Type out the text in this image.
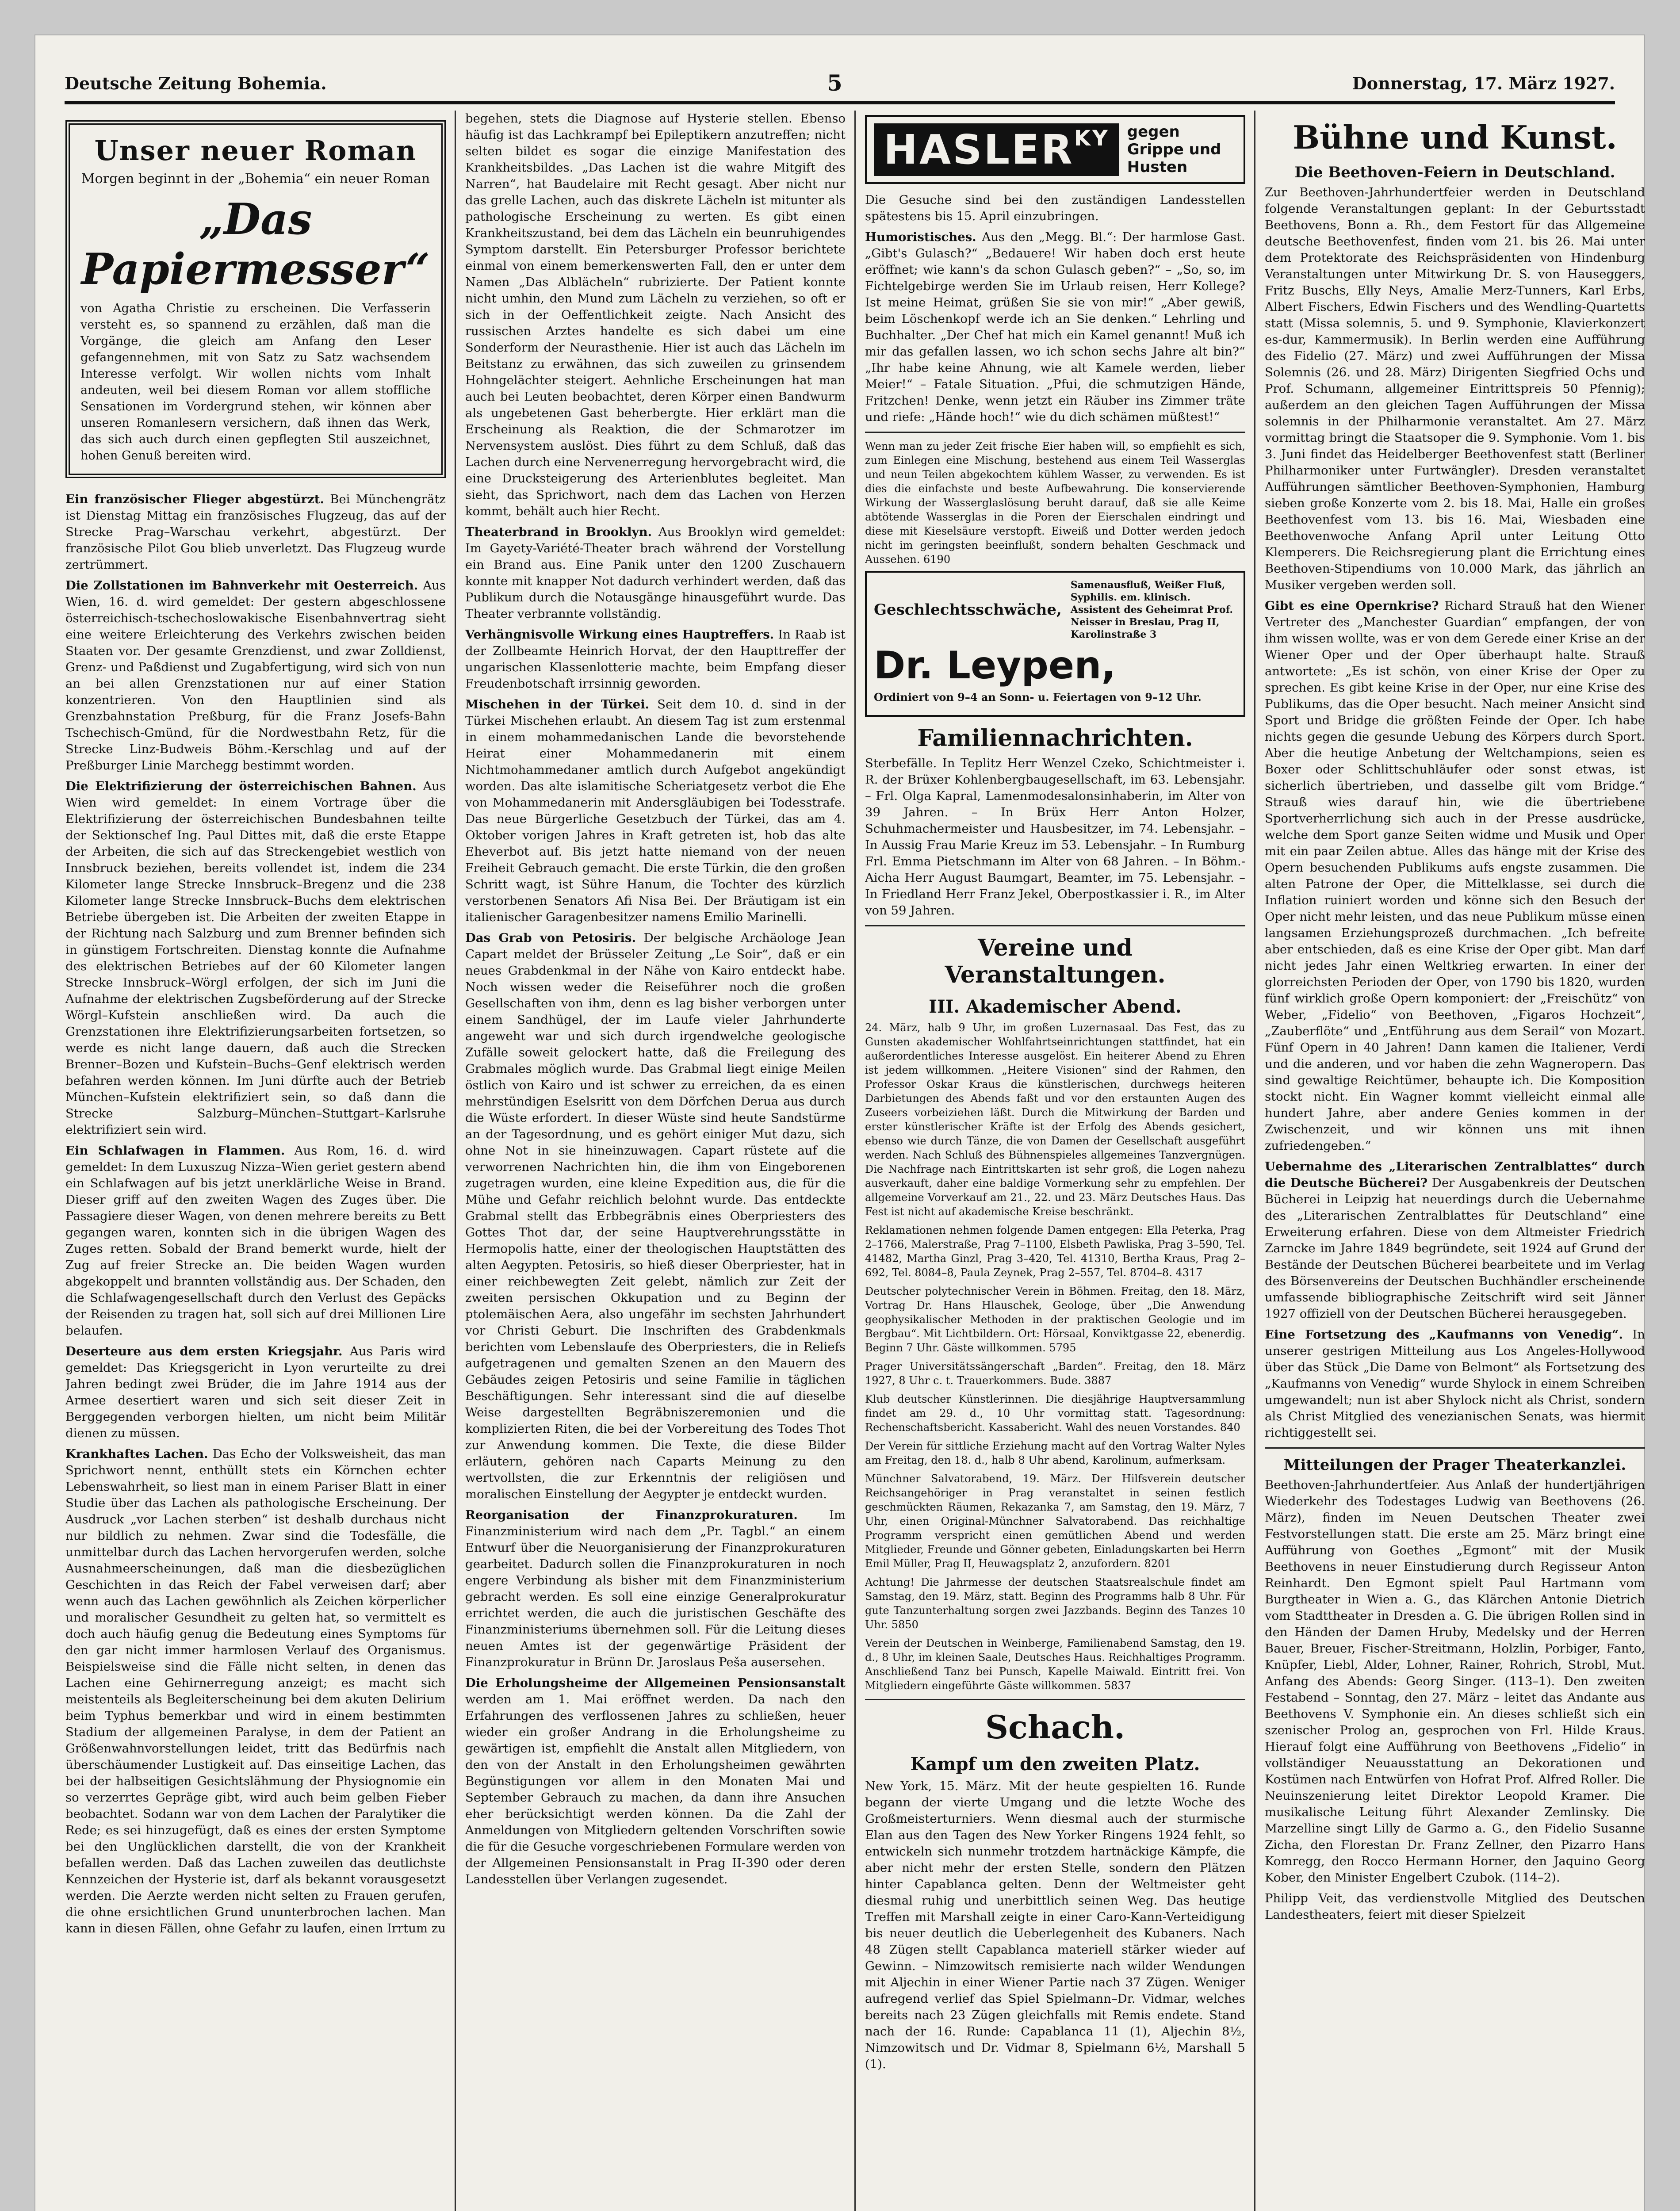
Deutsche Zeitung Bohemia.	5	Donnerstag, 17. März 1927.
Unser neuer Roman
Morgen beginnt in der „Bohemia“ ein neuer Roman
„Das Papiermesser“
von Agatha Christie zu erscheinen. Die Verfasserin versteht es, so spannend zu erzählen, daß man die Vorgänge, die gleich am Anfang den Leser gefangennehmen, mit von Satz zu Satz wachsendem Interesse verfolgt. Wir wollen nichts vom Inhalt andeuten, weil bei diesem Roman vor allem stoffliche Sensationen im Vordergrund stehen, wir können aber unseren Romanlesern versichern, daß ihnen das Werk, das sich auch durch einen gepflegten Stil auszeichnet, hohen Genuß bereiten wird.

Ein französischer Flieger abgestürzt. Bei Münchengrätz ist Dienstag Mittag ein französisches Flugzeug, das auf der Strecke Prag–Warschau verkehrt, abgestürzt. Der französische Pilot Gou blieb unverletzt. Das Flugzeug wurde zertrümmert.

Die Zollstationen im Bahnverkehr mit Oesterreich. Aus Wien, 16. d. wird gemeldet: Der gestern abgeschlossene österreichisch-tschechoslowakische Eisenbahnvertrag sieht eine weitere Erleichterung des Verkehrs zwischen beiden Staaten vor. Der gesamte Grenzdienst, und zwar Zolldienst, Grenz- und Paßdienst und Zugabfertigung, wird sich von nun an bei allen Grenzstationen nur auf einer Station konzentrieren. Von den Hauptlinien sind als Grenzbahnstation Preßburg, für die Franz Josefs-Bahn Tschechisch-Gmünd, für die Nordwestbahn Retz, für die Strecke Linz-Budweis Böhm.-Kerschlag und auf der Preßburger Linie Marchegg bestimmt worden.

Die Elektrifizierung der österreichischen Bahnen. Aus Wien wird gemeldet: In einem Vortrage über die Elektrifizierung der österreichischen Bundesbahnen teilte der Sektionschef Ing. Paul Dittes mit, daß die erste Etappe der Arbeiten, die sich auf das Streckengebiet westlich von Innsbruck beziehen, bereits vollendet ist, indem die 234 Kilometer lange Strecke Innsbruck–Bregenz und die 238 Kilometer lange Strecke Innsbruck–Buchs dem elektrischen Betriebe übergeben ist. Die Arbeiten der zweiten Etappe in der Richtung nach Salzburg und zum Brenner befinden sich in günstigem Fortschreiten. Dienstag konnte die Aufnahme des elektrischen Betriebes auf der 60 Kilometer langen Strecke Innsbruck–Wörgl erfolgen, der sich im Juni die Aufnahme der elektrischen Zugsbeförderung auf der Strecke Wörgl–Kufstein anschließen wird. Da auch die Grenzstationen ihre Elektrifizierungsarbeiten fortsetzen, so werde es nicht lange dauern, daß auch die Strecken Brenner–Bozen und Kufstein–Buchs–Genf elektrisch werden befahren werden können. Im Juni dürfte auch der Betrieb München–Kufstein elektrifiziert sein, so daß dann die Strecke Salzburg–München–Stuttgart–Karlsruhe elektrifiziert sein wird.

Ein Schlafwagen in Flammen. Aus Rom, 16. d. wird gemeldet: In dem Luxuszug Nizza–Wien geriet gestern abend ein Schlafwagen auf bis jetzt unerklärliche Weise in Brand. Dieser griff auf den zweiten Wagen des Zuges über. Die Passagiere dieser Wagen, von denen mehrere bereits zu Bett gegangen waren, konnten sich in die übrigen Wagen des Zuges retten. Sobald der Brand bemerkt wurde, hielt der Zug auf freier Strecke an. Die beiden Wagen wurden abgekoppelt und brannten vollständig aus. Der Schaden, den die Schlafwagengesellschaft durch den Verlust des Gepäcks der Reisenden zu tragen hat, soll sich auf drei Millionen Lire belaufen.

Deserteure aus dem ersten Kriegsjahr. Aus Paris wird gemeldet: Das Kriegsgericht in Lyon verurteilte zu drei Jahren bedingt zwei Brüder, die im Jahre 1914 aus der Armee desertiert waren und sich seit dieser Zeit in Berggegenden verborgen hielten, um nicht beim Militär dienen zu müssen.

Krankhaftes Lachen. Das Echo der Volksweisheit, das man Sprichwort nennt, enthüllt stets ein Körnchen echter Lebenswahrheit, so liest man in einem Pariser Blatt in einer Studie über das Lachen als pathologische Erscheinung. Der Ausdruck „vor Lachen sterben“ ist deshalb durchaus nicht nur bildlich zu nehmen. Zwar sind die Todesfälle, die unmittelbar durch das Lachen hervorgerufen werden, solche Ausnahmeerscheinungen, daß man die diesbezüglichen Geschichten in das Reich der Fabel verweisen darf; aber wenn auch das Lachen gewöhnlich als Zeichen körperlicher und moralischer Gesundheit zu gelten hat, so vermittelt es doch auch häufig genug die Bedeutung eines Symptoms für den gar nicht immer harmlosen Verlauf des Organismus. Beispielsweise sind die Fälle nicht selten, in denen das Lachen eine Gehirnerregung anzeigt; es macht sich meistenteils als Begleiterscheinung bei dem akuten Delirium beim Typhus bemerkbar und wird in einem bestimmten Stadium der allgemeinen Paralyse, in dem der Patient an Größenwahnvorstellungen leidet, tritt das Bedürfnis nach überschäumender Lustigkeit auf. Das einseitige Lachen, das bei der halbseitigen Gesichtslähmung der Physiognomie ein so verzerrtes Gepräge gibt, wird auch beim gelben Fieber beobachtet. Sodann war von dem Lachen der Paralytiker die Rede; es sei hinzugefügt, daß es eines der ersten Symptome bei den Unglücklichen darstellt, die von der Krankheit befallen werden. Daß das Lachen zuweilen das deutlichste Kennzeichen der Hysterie ist, darf als bekannt vorausgesetzt werden. Die Aerzte werden nicht selten zu Frauen gerufen, die ohne ersichtlichen Grund ununterbrochen lachen. Man kann in diesen Fällen, ohne Gefahr zu laufen, einen Irrtum zu

begehen, stets die Diagnose auf Hysterie stellen. Ebenso häufig ist das Lachkrampf bei Epileptikern anzutreffen; nicht selten bildet es sogar die einzige Manifestation des Krankheitsbildes. „Das Lachen ist die wahre Mitgift des Narren“, hat Baudelaire mit Recht gesagt. Aber nicht nur das grelle Lachen, auch das diskrete Lächeln ist mitunter als pathologische Erscheinung zu werten. Es gibt einen Krankheitszustand, bei dem das Lächeln ein beunruhigendes Symptom darstellt. Ein Petersburger Professor berichtete einmal von einem bemerkenswerten Fall, den er unter dem Namen „Das Alblächeln“ rubrizierte. Der Patient konnte nicht umhin, den Mund zum Lächeln zu verziehen, so oft er sich in der Oeffentlichkeit zeigte. Nach Ansicht des russischen Arztes handelte es sich dabei um eine Sonderform der Neurasthenie. Hier ist auch das Lächeln im Beitstanz zu erwähnen, das sich zuweilen zu grinsendem Hohngelächter steigert. Aehnliche Erscheinungen hat man auch bei Leuten beobachtet, deren Körper einen Bandwurm als ungebetenen Gast beherbergte. Hier erklärt man die Erscheinung als Reaktion, die der Schmarotzer im Nervensystem auslöst. Dies führt zu dem Schluß, daß das Lachen durch eine Nervenerregung hervorgebracht wird, die eine Drucksteigerung des Arterienblutes begleitet. Man sieht, das Sprichwort, nach dem das Lachen von Herzen kommt, behält auch hier Recht.

Theaterbrand in Brooklyn. Aus Brooklyn wird gemeldet: Im Gayety-Variété-Theater brach während der Vorstellung ein Brand aus. Eine Panik unter den 1200 Zuschauern konnte mit knapper Not dadurch verhindert werden, daß das Publikum durch die Notausgänge hinausgeführt wurde. Das Theater verbrannte vollständig.

Verhängnisvolle Wirkung eines Hauptreffers. In Raab ist der Zollbeamte Heinrich Horvat, der den Haupttreffer der ungarischen Klassenlotterie machte, beim Empfang dieser Freudenbotschaft irrsinnig geworden.

Mischehen in der Türkei. Seit dem 10. d. sind in der Türkei Mischehen erlaubt. An diesem Tag ist zum erstenmal in einem mohammedanischen Lande die bevorstehende Heirat einer Mohammedanerin mit einem Nichtmohammedaner amtlich durch Aufgebot angekündigt worden. Das alte islamitische Scheriatgesetz verbot die Ehe von Mohammedanerin mit Andersgläubigen bei Todesstrafe. Das neue Bürgerliche Gesetzbuch der Türkei, das am 4. Oktober vorigen Jahres in Kraft getreten ist, hob das alte Eheverbot auf. Bis jetzt hatte niemand von der neuen Freiheit Gebrauch gemacht. Die erste Türkin, die den großen Schritt wagt, ist Sühre Hanum, die Tochter des kürzlich verstorbenen Senators Afi Nisa Bei. Der Bräutigam ist ein italienischer Garagenbesitzer namens Emilio Marinelli.

Das Grab von Petosiris. Der belgische Archäologe Jean Capart meldet der Brüsseler Zeitung „Le Soir“, daß er ein neues Grabdenkmal in der Nähe von Kairo entdeckt habe. Noch wissen weder die Reiseführer noch die großen Gesellschaften von ihm, denn es lag bisher verborgen unter einem Sandhügel, der im Laufe vieler Jahrhunderte angeweht war und sich durch irgendwelche geologische Zufälle soweit gelockert hatte, daß die Freilegung des Grabmales möglich wurde. Das Grabmal liegt einige Meilen östlich von Kairo und ist schwer zu erreichen, da es einen mehrstündigen Eselsritt von dem Dörfchen Derua aus durch die Wüste erfordert. In dieser Wüste sind heute Sandstürme an der Tagesordnung, und es gehört einiger Mut dazu, sich ohne Not in sie hineinzuwagen. Capart rüstete auf die verworrenen Nachrichten hin, die ihm von Eingeborenen zugetragen wurden, eine kleine Expedition aus, die für die Mühe und Gefahr reichlich belohnt wurde. Das entdeckte Grabmal stellt das Erbbegräbnis eines Oberpriesters des Gottes Thot dar, der seine Hauptverehrungsstätte in Hermopolis hatte, einer der theologischen Hauptstätten des alten Aegypten. Petosiris, so hieß dieser Oberpriester, hat in einer reichbewegten Zeit gelebt, nämlich zur Zeit der zweiten persischen Okkupation und zu Beginn der ptolemäischen Aera, also ungefähr im sechsten Jahrhundert vor Christi Geburt. Die Inschriften des Grabdenkmals berichten vom Lebenslaufe des Oberpriesters, die in Reliefs aufgetragenen und gemalten Szenen an den Mauern des Gebäudes zeigen Petosiris und seine Familie in täglichen Beschäftigungen. Sehr interessant sind die auf dieselbe Weise dargestellten Begräbniszeremonien und die komplizierten Riten, die bei der Vorbereitung des Todes Thot zur Anwendung kommen. Die Texte, die diese Bilder erläutern, gehören nach Caparts Meinung zu den wertvollsten, die zur Erkenntnis der religiösen und moralischen Einstellung der Aegypter je entdeckt wurden.

Reorganisation der Finanzprokuraturen.	Im Finanzministerium wird nach dem „Pr. Tagbl.“ an einem Entwurf über die Neuorganisierung der Finanzprokuraturen gearbeitet. Dadurch sollen die Finanzprokuraturen in noch engere Verbindung als bisher mit dem Finanzministerium gebracht werden. Es soll eine einzige Generalprokuratur errichtet werden, die auch die juristischen Geschäfte des Finanzministeriums übernehmen soll. Für die Leitung dieses neuen Amtes ist der gegenwärtige Präsident der Finanzprokuratur in Brünn Dr. Jaroslaus Peša ausersehen.

Die Erholungsheime der Allgemeinen Pensionsanstalt werden am 1. Mai eröffnet werden. Da nach den Erfahrungen des verflossenen Jahres zu schließen, heuer wieder ein großer Andrang in die Erholungsheime zu gewärtigen ist, empfiehlt die Anstalt allen Mitgliedern, von den von der Anstalt in den Erholungsheimen gewährten Begünstigungen vor allem in den Monaten Mai und September Gebrauch zu machen, da dann ihre Ansuchen eher berücksichtigt werden können. Da die Zahl der Anmeldungen von Mitgliedern geltenden Vorschriften sowie die für die Gesuche vorgeschriebenen Formulare werden von der Allgemeinen Pensionsanstalt in Prag II-390 oder deren Landesstellen über Verlangen zugesendet.

$HASLER^{KY}$	gegen Grippe und Husten

Die Gesuche sind bei den zuständigen Landesstellen spätestens bis 15. April einzubringen.

Humoristisches. Aus den „Megg. Bl.“: Der harmlose Gast. „Gibt's Gulasch?“ „Bedauere! Wir haben doch erst heute eröffnet; wie kann's da schon Gulasch geben?“ – „So, so, im Fichtelgebirge werden Sie im Urlaub reisen, Herr Kollege? Ist meine Heimat, grüßen Sie sie von mir!“ „Aber gewiß, beim Löschenkopf werde ich an Sie denken.“ Lehrling und Buchhalter. „Der Chef hat mich ein Kamel genannt! Muß ich mir das gefallen lassen, wo ich schon sechs Jahre alt bin?“ „Ihr habe keine Ahnung, wie alt Kamele werden, lieber Meier!“ – Fatale Situation. „Pfui, die schmutzigen Hände, Fritzchen! Denke, wenn jetzt ein Räuber ins Zimmer träte und riefe: „Hände hoch!“ wie du dich schämen müßtest!“

Wenn man zu jeder Zeit frische Eier haben will, so empfiehlt es sich, zum Einlegen eine Mischung, bestehend aus einem Teil Wasserglas und neun Teilen abgekochtem kühlem Wasser, zu verwenden. Es ist dies die einfachste und beste Aufbewahrung. Die konservierende Wirkung der Wasserglaslösung beruht darauf, daß sie alle Keime abtötende Wasserglas in die Poren der Eierschalen eindringt und diese mit Kieselsäure verstopft. Eiweiß und Dotter werden jedoch nicht im geringsten beeinflußt, sondern behalten Geschmack und Aussehen. 6190

Geschlechtsschwäche,
Samenausfluß, Weißer Fluß, Syphilis. em. klinisch. Assistent des Geheimrat Prof. Neisser in Breslau, Prag II, Karolinstraße 3
Dr. Leypen,
Ordiniert von 9–4 an Sonn- u. Feiertagen von 9–12 Uhr.
Familiennachrichten.

Sterbefälle. In Teplitz Herr Wenzel Czeko, Schichtmeister i. R. der Brüxer Kohlenbergbaugesellschaft, im 63. Lebensjahr. – Frl. Olga Kapral, Lamenmodesalonsinhaberin, im Alter von 39 Jahren. – In Brüx Herr Anton Holzer, Schuhmachermeister und Hausbesitzer, im 74. Lebensjahr. – In Aussig Frau Marie Kreuz im 53. Lebensjahr. – In Rumburg Frl. Emma Pietschmann im Alter von 68 Jahren. – In Böhm.-Aicha Herr August Baumgart, Beamter, im 75. Lebensjahr. – In Friedland Herr Franz Jekel, Oberpostkassier i. R., im Alter von 59 Jahren.

Vereine und Veranstaltungen.
III. Akademischer Abend.

24. März, halb 9 Uhr, im großen Luzernasaal. Das Fest, das zu Gunsten akademischer Wohlfahrtseinrichtungen stattfindet, hat ein außerordentliches Interesse ausgelöst. Ein heiterer Abend zu Ehren ist jedem willkommen. „Heitere Visionen“ sind der Rahmen, den Professor Oskar Kraus die künstlerischen, durchwegs heiteren Darbietungen des Abends faßt und vor den erstaunten Augen des Zuseers vorbeiziehen läßt. Durch die Mitwirkung der Barden und erster künstlerischer Kräfte ist der Erfolg des Abends gesichert, ebenso wie durch Tänze, die von Damen der Gesellschaft ausgeführt werden. Nach Schluß des Bühnenspieles allgemeines Tanzvergnügen. Die Nachfrage nach Eintrittskarten ist sehr groß, die Logen nahezu ausverkauft, daher eine baldige Vormerkung sehr zu empfehlen. Der allgemeine Vorverkauf am 21., 22. und 23. März Deutsches Haus. Das Fest ist nicht auf akademische Kreise beschränkt.

Reklamationen nehmen folgende Damen entgegen: Ella Peterka, Prag 2–1766, Malerstraße, Prag 7–1100, Elsbeth Pawliska, Prag 3–590, Tel. 41482, Martha Ginzl, Prag 3–420, Tel. 41310, Bertha Kraus, Prag 2–692, Tel. 8084–8, Paula Zeynek, Prag 2–557, Tel. 8704–8. 4317

Deutscher polytechnischer Verein in Böhmen. Freitag, den 18. März, Vortrag Dr. Hans Hlauschek, Geologe, über „Die Anwendung geophysikalischer Methoden in der praktischen Geologie und im Bergbau“. Mit Lichtbildern. Ort: Hörsaal, Konviktgasse 22, ebenerdig. Beginn 7 Uhr. Gäste willkommen. 5795

Prager Universitätssängerschaft „Barden“. Freitag, den 18. März 1927, 8 Uhr c. t. Trauerkommers. Bude. 3887

Klub deutscher Künstlerinnen. Die diesjährige Hauptversammlung findet am 29. d., 10 Uhr vormittag statt. Tagesordnung: Rechenschaftsbericht. Kassabericht. Wahl des neuen Vorstandes. 840

Der Verein für sittliche Erziehung macht auf den Vortrag Walter Nyles am Freitag, den 18. d., halb 8 Uhr abend, Karolinum, aufmerksam.

Münchner Salvatorabend, 19. März. Der Hilfsverein deutscher Reichsangehöriger in Prag veranstaltet in seinen festlich geschmückten Räumen, Rekazanka 7, am Samstag, den 19. März, 7 Uhr, einen Original-Münchner Salvatorabend. Das reichhaltige Programm verspricht einen gemütlichen Abend und werden Mitglieder, Freunde und Gönner gebeten, Einladungskarten bei Herrn Emil Müller, Prag II, Heuwagsplatz 2, anzufordern. 8201

Achtung! Die Jahrmesse der deutschen Staatsrealschule findet am Samstag, den 19. März, statt. Beginn des Programms halb 8 Uhr. Für gute Tanzunterhaltung sorgen zwei Jazzbands. Beginn des Tanzes 10 Uhr. 5850

Verein der Deutschen in Weinberge, Familienabend Samstag, den 19. d., 8 Uhr, im kleinen Saale, Deutsches Haus. Reichhaltiges Programm. Anschließend Tanz bei Punsch, Kapelle Maiwald. Eintritt frei. Von Mitgliedern eingeführte Gäste willkommen. 5837

Schach.
Kampf um den zweiten Platz.

New York, 15. März. Mit der heute gespielten 16. Runde begann der vierte Umgang und die letzte Woche des Großmeisterturniers. Wenn diesmal auch der sturmische Elan aus den Tagen des New Yorker Ringens 1924 fehlt, so entwickeln sich nunmehr trotzdem hartnäckige Kämpfe, die aber nicht mehr der ersten Stelle, sondern den Plätzen hinter Capablanca gelten. Denn der Weltmeister geht diesmal ruhig und unerbittlich seinen Weg. Das heutige Treffen mit Marshall zeigte in einer Caro-Kann-Verteidigung bis neuer deutlich die Ueberlegenheit des Kubaners. Nach 48 Zügen stellt Capablanca materiell stärker wieder auf Gewinn. – Nimzowitsch remisierte nach wilder Wendungen mit Aljechin in einer Wiener Partie nach 37 Zügen. Weniger aufregend verlief das Spiel Spielmann–Dr. Vidmar, welches bereits nach 23 Zügen gleichfalls mit Remis endete. Stand nach der 16. Runde: Capablanca 11 (1), Aljechin 8½, Nimzowitsch und Dr. Vidmar 8, Spielmann 6½, Marshall 5 (1).

Bühne und Kunst.
Die Beethoven-Feiern in Deutschland.

Zur Beethoven-Jahrhundertfeier werden in Deutschland folgende Veranstaltungen geplant: In der Geburtsstadt Beethovens, Bonn a. Rh., dem Festort für das Allgemeine deutsche Beethovenfest, finden vom 21. bis 26. Mai unter dem Protektorate des Reichspräsidenten von Hindenburg Veranstaltungen unter Mitwirkung Dr. S. von Hauseggers, Fritz Buschs, Elly Neys, Amalie Merz-Tunners, Karl Erbs, Albert Fischers, Edwin Fischers und des Wendling-Quartetts statt (Missa solemnis, 5. und 9. Symphonie, Klavierkonzert es-dur, Kammermusik). In Berlin werden eine Aufführung des Fidelio (27. März) und zwei Aufführungen der Missa Solemnis (26. und 28. März) Dirigenten Siegfried Ochs und Prof. Schumann, allgemeiner Eintrittspreis 50 Pfennig); außerdem an den gleichen Tagen Aufführungen der Missa solemnis in der Philharmonie veranstaltet. Am 27. März vormittag bringt die Staatsoper die 9. Symphonie. Vom 1. bis 3. Juni findet das Heidelberger Beethovenfest statt (Berliner Philharmoniker unter Furtwängler). Dresden veranstaltet Aufführungen sämtlicher Beethoven-Symphonien, Hamburg sieben große Konzerte vom 2. bis 18. Mai, Halle ein großes Beethovenfest vom 13. bis 16. Mai, Wiesbaden eine Beethovenwoche Anfang April unter Leitung Otto Klemperers. Die Reichsregierung plant die Errichtung eines Beethoven-Stipendiums von 10.000 Mark, das jährlich an Musiker vergeben werden soll.

Gibt es eine Opernkrise? Richard Strauß hat den Wiener Vertreter des „Manchester Guardian“ empfangen, der von ihm wissen wollte, was er von dem Gerede einer Krise an der Wiener Oper und der Oper überhaupt halte. Strauß antwortete: „Es ist schön, von einer Krise der Oper zu sprechen. Es gibt keine Krise in der Oper, nur eine Krise des Publikums, das die Oper besucht. Nach meiner Ansicht sind Sport und Bridge die größten Feinde der Oper. Ich habe nichts gegen die gesunde Uebung des Körpers durch Sport. Aber die heutige Anbetung der Weltchampions, seien es Boxer oder Schlittschuhläufer oder sonst etwas, ist sicherlich übertrieben, und dasselbe gilt vom Bridge.“ Strauß wies darauf hin, wie die übertriebene Sportverherrlichung sich auch in der Presse ausdrücke, welche dem Sport ganze Seiten widme und Musik und Oper mit ein paar Zeilen abtue. Alles das hänge mit der Krise des Opern besuchenden Publikums aufs engste zusammen. Die alten Patrone der Oper, die Mittelklasse, sei durch die Inflation ruiniert worden und könne sich den Besuch der Oper nicht mehr leisten, und das neue Publikum müsse einen langsamen Erziehungsprozeß durchmachen. „Ich befreite aber entschieden, daß es eine Krise der Oper gibt. Man darf nicht jedes Jahr einen Weltkrieg erwarten. In einer der glorreichsten Perioden der Oper, von 1790 bis 1820, wurden fünf wirklich große Opern komponiert: der „Freischütz“ von Weber, „Fidelio“ von Beethoven, „Figaros Hochzeit“, „Zauberflöte“ und „Entführung aus dem Serail“ von Mozart. Fünf Opern in 40 Jahren! Dann kamen die Italiener, Verdi und die anderen, und vor haben die zehn Wagneropern. Das sind gewaltige Reichtümer, behaupte ich. Die Komposition stockt nicht. Ein Wagner kommt vielleicht einmal alle hundert Jahre, aber andere Genies kommen in der Zwischenzeit, und wir können uns mit ihnen zufriedengeben.“

Uebernahme des „Literarischen Zentralblattes“ durch die Deutsche Bücherei? Der Ausgabenkreis der Deutschen Bücherei in Leipzig hat neuerdings durch die Uebernahme des „Literarischen Zentralblattes für Deutschland“ eine Erweiterung erfahren. Diese von dem Altmeister Friedrich Zarncke im Jahre 1849 begründete, seit 1924 auf Grund der Bestände der Deutschen Bücherei bearbeitete und im Verlag des Börsenvereins der Deutschen Buchhändler erscheinende umfassende bibliographische Zeitschrift wird seit Jänner 1927 offiziell von der Deutschen Bücherei herausgegeben.

Eine Fortsetzung des „Kaufmanns von Venedig“. In unserer gestrigen Mitteilung aus Los Angeles-Hollywood über das Stück „Die Dame von Belmont“ als Fortsetzung des „Kaufmanns von Venedig“ wurde Shylock in einem Schreiben umgewandelt; nun ist aber Shylock nicht als Christ, sondern als Christ Mitglied des venezianischen Senats, was hiermit richtiggestellt sei.

Mitteilungen der Prager Theaterkanzlei.

Beethoven-Jahrhundertfeier. Aus Anlaß der hundertjährigen Wiederkehr des Todestages Ludwig van Beethovens (26. März), finden im Neuen Deutschen Theater zwei Festvorstellungen statt. Die erste am 25. März bringt eine Aufführung von Goethes „Egmont“ mit der Musik Beethovens in neuer Einstudierung durch Regisseur Anton Reinhardt. Den Egmont spielt Paul Hartmann vom Burgtheater in Wien a. G., das Klärchen Antonie Dietrich vom Stadttheater in Dresden a. G. Die übrigen Rollen sind in den Händen der Damen Hruby, Medelsky und der Herren Bauer, Breuer, Fischer-Streitmann, Holzlin, Porbiger, Fanto, Knüpfer, Liebl, Alder, Lohner, Rainer, Rohrich, Strobl, Mut. Anfang des Abends: Georg Singer. (113–1). Den zweiten Festabend – Sonntag, den 27. März – leitet das Andante aus Beethovens V. Symphonie ein. An dieses schließt sich ein szenischer Prolog an, gesprochen von Frl. Hilde Kraus. Hierauf folgt eine Aufführung von Beethovens „Fidelio“ in vollständiger Neuausstattung an Dekorationen und Kostümen nach Entwürfen von Hofrat Prof. Alfred Roller. Die Neuinszenierung leitet Direktor Leopold Kramer. Die musikalische Leitung führt Alexander Zemlinsky. Die Marzelline singt Lilly de Garmo a. G., den Fidelio Susanne Zicha, den Florestan Dr. Franz Zellner, den Pizarro Hans Komregg, den Rocco Hermann Horner, den Jaquino Georg Kober, den Minister Engelbert Czubok. (114–2).

Philipp Veit, das verdienstvolle Mitglied des Deutschen Landestheaters, feiert mit dieser Spielzeit
